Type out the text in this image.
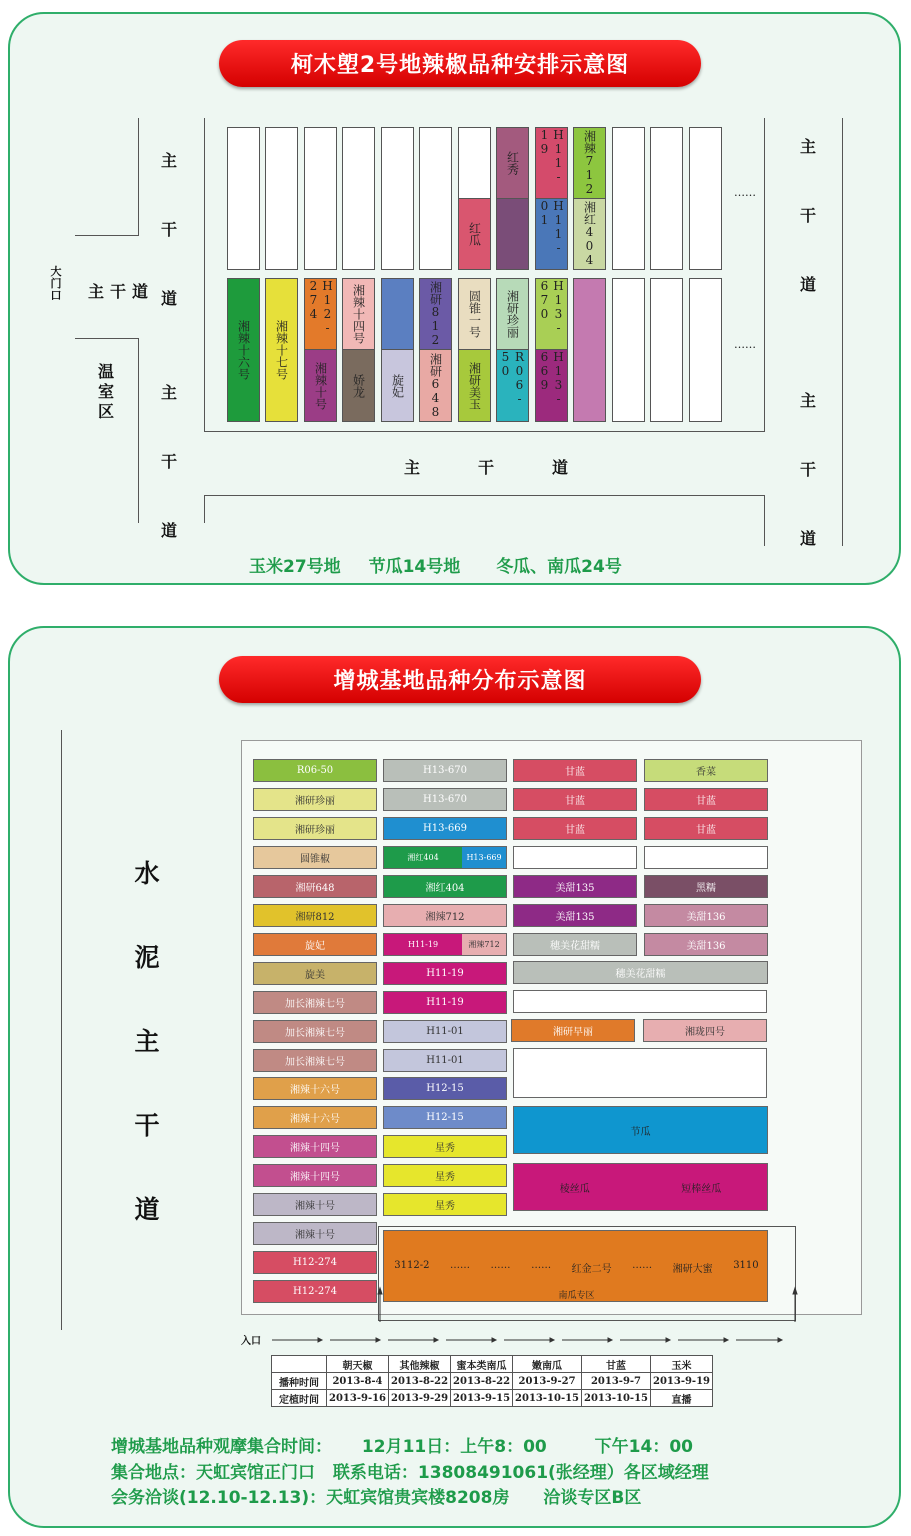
柯木塱2号地辣椒品种安排示意图
主干道
主干道
主干道
主干道
主干道
主干道
大门口
温室区
……
……
红瓜
红秀	H11-19
H11-01
湘辣712
湘红404
湘辣十六号	湘辣十七号
H12-274
湘辣十号
湘辣十四号
娇龙	旋妃
湘研812
湘研648
圆锥一号
湘研美玉
湘研珍丽
R06-50
H13-670
H13-669
玉米27号地 节瓜14号地 冬瓜、南瓜24号
增城基地品种分布示意图
水泥主干道
R06-50
湘研珍丽
湘研珍丽
圆锥椒
湘研648
湘研812
旋妃
旋美
加长湘辣七号
加长湘辣七号
加长湘辣七号
湘辣十六号
湘辣十六号
湘辣十四号
湘辣十四号
湘辣十号
湘辣十号
H12-274
H12-274
H13-670
H13-670
H13-669
湘红404	H13-669
湘红404
湘辣712
H11-19	湘辣712
H11-19
H11-19
H11-01
H11-01
H12-15
H12-15
星秀
星秀
星秀
甘蓝
甘蓝
甘蓝
美甜135
美甜135
穗美花甜糯
香菜
甘蓝
甘蓝
黑糯
美甜136
美甜136
穗美花甜糯
湘研早丽	湘珑四号
节瓜
棱丝瓜	短棒丝瓜
3112-2 …… …… …… 红金二号 …… 湘研大蜜 3110
南瓜专区
入口
	朝天椒	其他辣椒	蜜本类南瓜	嫩南瓜	甘蓝	玉米
播种时间	2013-8-4	2013-8-22	2013-8-22	2013-9-27	2013-9-7	2013-9-19
定植时间	2013-9-16	2013-9-29	2013-9-15	2013-10-15	2013-10-15	直播
增城基地品种观摩集合时间： 12月11日：上午8：00	下午14：00
集合地点：天虹宾馆正门口 联系电话：13808491061(张经理）各区域经理
会务洽谈(12.10-12.13)：天虹宾馆贵宾楼8208房 洽谈专区B区
